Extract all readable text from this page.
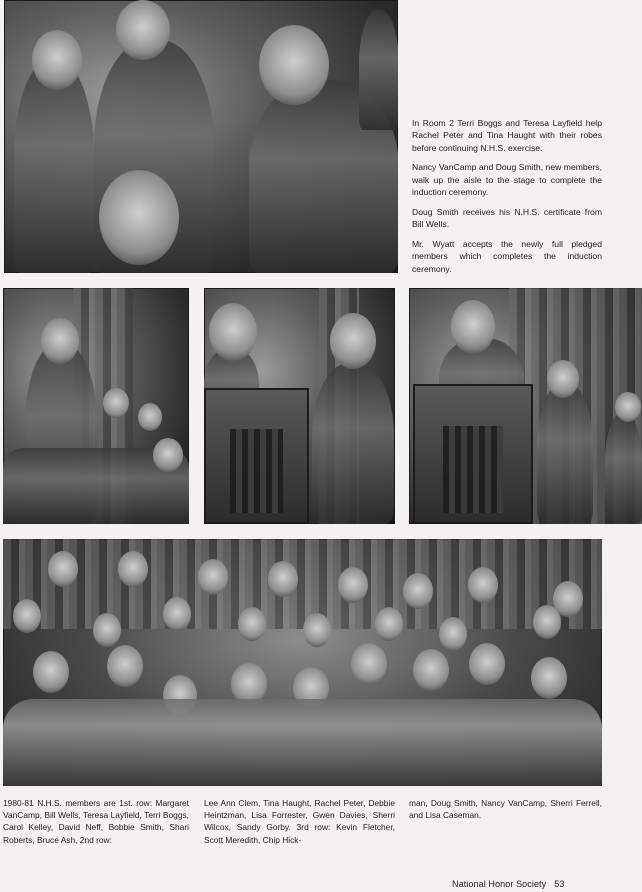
In Room 2 Terri Boggs and Teresa Layfield help Rachel Peter and Tina Haught with their robes before continuing N.H.S. exercise.

Nancy VanCamp and Doug Smith, new members, walk up the aisle to the stage to complete the induction ceremony.

Doug Smith receives his N.H.S. certificate from Bill Wells.

Mr. Wyatt accepts the newly full pledged members which completes the induction ceremony.

1980-81 N.H.S. members are 1st. row: Margaret VanCamp, Bill Wells, Teresa Layfield, Terri Boggs, Carol Kelley, David Neff, Bobbie Smith, Shari Roberts, Bruce Ash, 2nd row:
Lee Ann Clem, Tina Haught, Rachel Peter, Debbie Heintzman, Lisa Forrester, Gwen Davies, Sherri Wilcox, Sandy Gorby. 3rd row: Kevin Fletcher, Scott Meredith, Chip Hick-
man, Doug Smith, Nancy VanCamp, Sherri Ferrell, and Lisa Caseman.
National Honor Society 53
